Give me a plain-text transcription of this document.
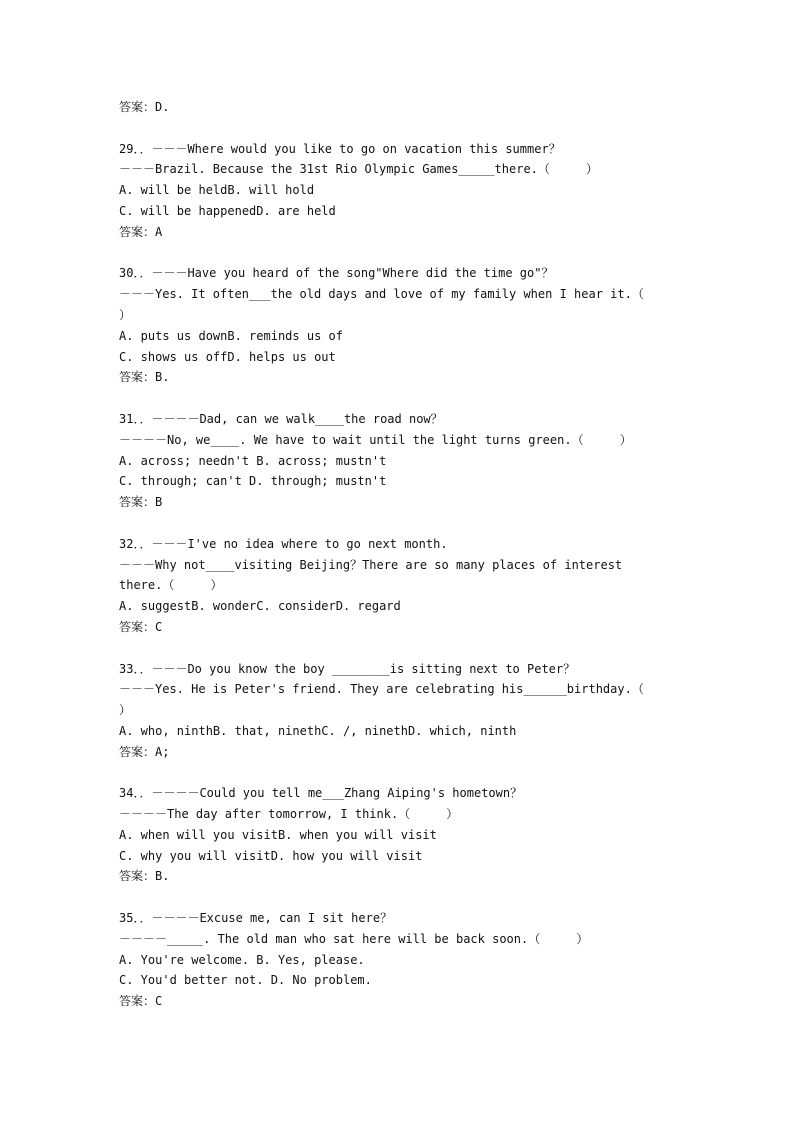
答案：D.
29．．－－－Where would you like to go on vacation this summer？
－－－Brazil. Because the 31st Rio Olympic Games_____there.（     ）
A. will be heldB. will hold
C. will be happenedD. are held
答案：A
30．．－－－Have you heard of the song"Where did the time go"？
－－－Yes. It often___the old days and love of my family when I hear it.（
）
A. puts us downB. reminds us of
C. shows us offD. helps us out
答案：B.
31．．－－－－Dad, can we walk____the road now？
－－－－No, we____. We have to wait until the light turns green.（     ）
A. across; needn't B. across; mustn't
C. through; can't D. through; mustn't
答案：B
32．．－－－I've no idea where to go next month.
－－－Why not____visiting Beijing？There are so many places of interest
there.（     ）
A. suggestB. wonderC. considerD. regard
答案：C
33．．－－－Do you know the boy ________is sitting next to Peter？
－－－Yes. He is Peter's friend. They are celebrating his______birthday.（
）
A. who, ninthB. that, ninethC. /, ninethD. which, ninth
答案：A;
34．．－－－－Could you tell me___Zhang Aiping's hometown？
－－－－The day after tomorrow, I think.（     ）
A. when will you visitB. when you will visit
C. why you will visitD. how you will visit
答案：B.
35．．－－－－Excuse me, can I sit here？
－－－－_____. The old man who sat here will be back soon.（     ）
A. You're welcome. B. Yes, please.
C. You'd better not. D. No problem.
答案：C
